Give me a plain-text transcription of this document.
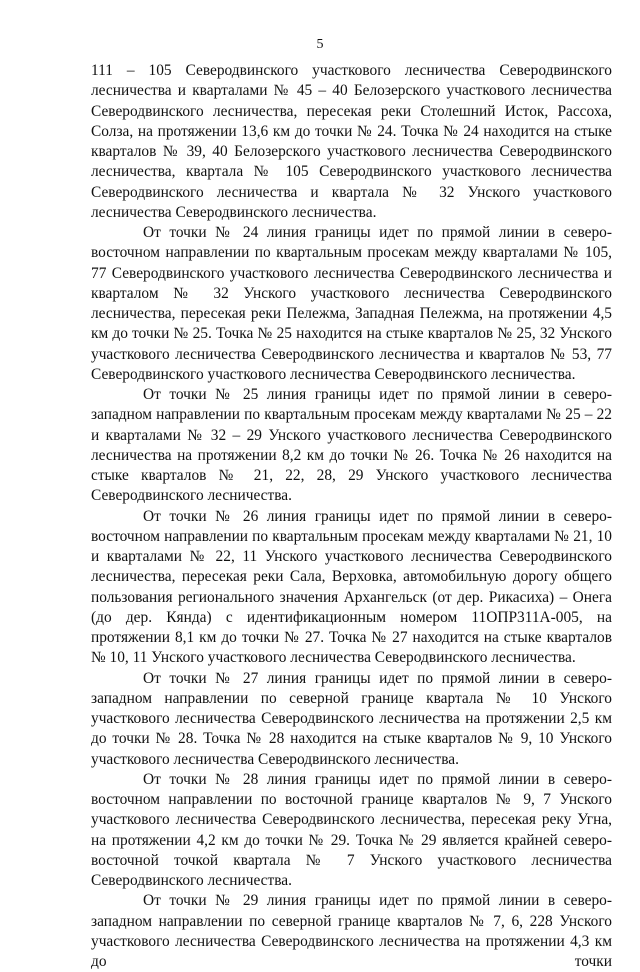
5

111 – 105 Северодвинского участкового лесничества Северодвинского лесничества и кварталами № 45 – 40 Белозерского участкового лесничества Северодвинского лесничества, пересекая реки Столешний Исток, Рассоха, Солза, на протяжении 13,6 км до точки № 24. Точка № 24 находится на стыке кварталов № 39, 40 Белозерского участкового лесничества Северодвинского лесничества, квартала № 105 Северодвинского участкового лесничества Северодвинского лесничества и квартала № 32 Унского участкового лесничества Северодвинского лесничества.

От точки № 24 линия границы идет по прямой линии в северо-восточном направлении по квартальным просекам между кварталами № 105, 77 Северодвинского участкового лесничества Северодвинского лесничества и кварталом № 32 Унского участкового лесничества Северодвинского лесничества, пересекая реки Пележма, Западная Пележма, на протяжении 4,5 км до точки № 25. Точка № 25 находится на стыке кварталов № 25, 32 Унского участкового лесничества Северодвинского лесничества и кварталов № 53, 77 Северодвинского участкового лесничества Северодвинского лесничества.

От точки № 25 линия границы идет по прямой линии в северо-западном направлении по квартальным просекам между кварталами № 25 – 22 и кварталами № 32 – 29 Унского участкового лесничества Северодвинского лесничества на протяжении 8,2 км до точки № 26. Точка № 26 находится на стыке кварталов № 21, 22, 28, 29 Унского участкового лесничества Северодвинского лесничества.

От точки № 26 линия границы идет по прямой линии в северо-восточном направлении по квартальным просекам между кварталами № 21, 10 и кварталами № 22, 11 Унского участкового лесничества Северодвинского лесничества, пересекая реки Сала, Верховка, автомобильную дорогу общего пользования регионального значения Архангельск (от дер. Рикасиха) – Онега (до дер. Кянда) с идентификационным номером 11ОПР311А-005, на протяжении 8,1 км до точки № 27. Точка № 27 находится на стыке кварталов № 10, 11 Унского участкового лесничества Северодвинского лесничества.

От точки № 27 линия границы идет по прямой линии в северо-западном направлении по северной границе квартала № 10 Унского участкового лесничества Северодвинского лесничества на протяжении 2,5 км до точки № 28. Точка № 28 находится на стыке кварталов № 9, 10 Унского участкового лесничества Северодвинского лесничества.

От точки № 28 линия границы идет по прямой линии в северо-восточном направлении по восточной границе кварталов № 9, 7 Унского участкового лесничества Северодвинского лесничества, пересекая реку Угна, на протяжении 4,2 км до точки № 29. Точка № 29 является крайней северо-восточной точкой квартала № 7 Унского участкового лесничества Северодвинского лесничества.

От точки № 29 линия границы идет по прямой линии в северо-западном направлении по северной границе кварталов № 7, 6, 228 Унского участкового лесничества Северодвинского лесничества на протяжении 4,3 км до точки
